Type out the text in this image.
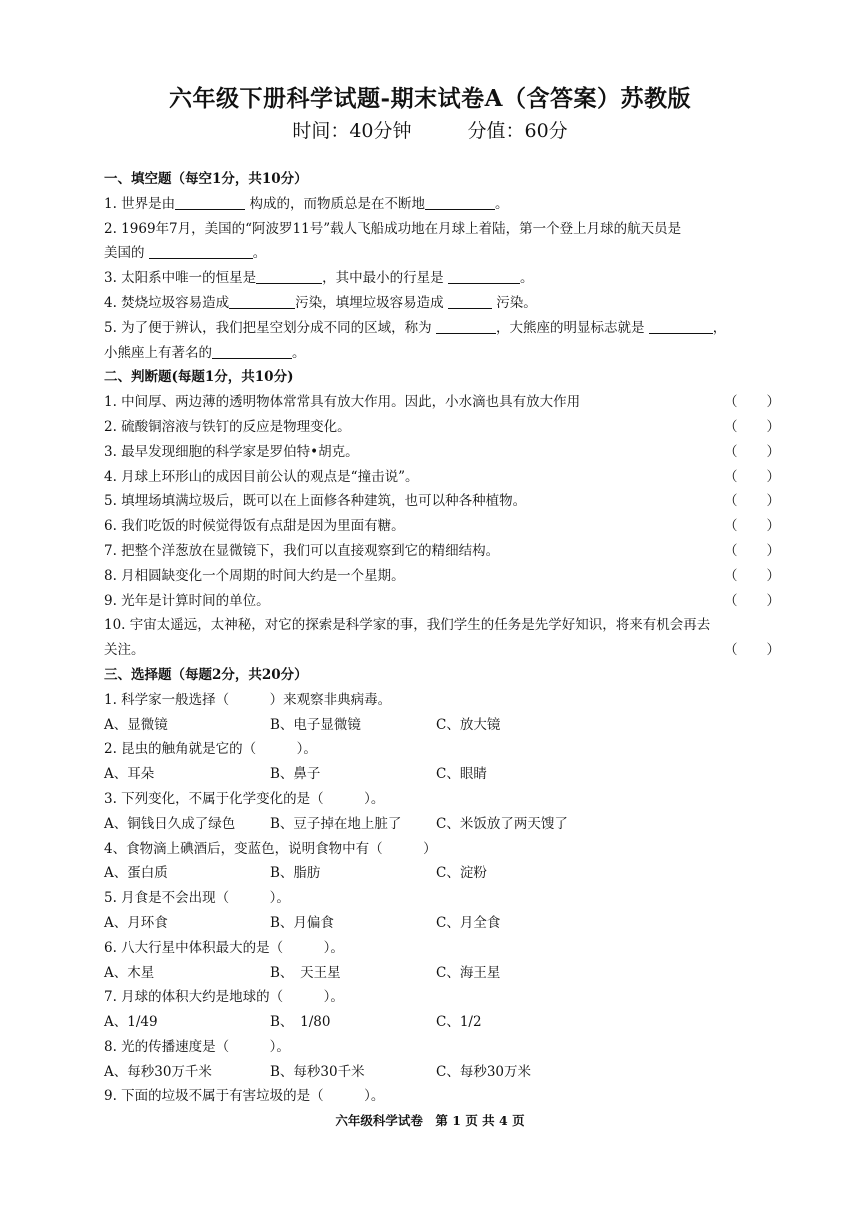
六年级下册科学试题-期末试卷A（含答案）苏教版
时间：40分钟	分值：60分
一、填空题（每空1分，共10分）
1. 世界是由	构成的，而物质总是在不断地	。
2. 1969年7月，美国的“阿波罗11号”载人飞船成功地在月球上着陆，第一个登上月球的航天员是
美国的	。
3. 太阳系中唯一的恒星是	，其中最小的行星是	。
4. 焚烧垃圾容易造成	污染，填埋垃圾容易造成	污染。
5. 为了便于辨认，我们把星空划分成不同的区域，称为	，大熊座的明显标志就是	，
小熊座上有著名的	。
二、判断题(每题1分，共10分)
1. 中间厚、两边薄的透明物体常常具有放大作用。因此，小水滴也具有放大作用	（ ）
2. 硫酸铜溶液与铁钉的反应是物理变化。	（ ）
3. 最早发现细胞的科学家是罗伯特•胡克。	（ ）
4. 月球上环形山的成因目前公认的观点是“撞击说”。	（ ）
5. 填埋场填满垃圾后，既可以在上面修各种建筑，也可以种各种植物。	（ ）
6. 我们吃饭的时候觉得饭有点甜是因为里面有糖。	（ ）
7. 把整个洋葱放在显微镜下，我们可以直接观察到它的精细结构。	（ ）
8. 月相圆缺变化一个周期的时间大约是一个星期。	（ ）
9. 光年是计算时间的单位。	（ ）
10. 宇宙太遥远，太神秘，对它的探索是科学家的事，我们学生的任务是先学好知识，将来有机会再去
关注。	（ ）
三、选择题（每题2分，共20分）
1. 科学家一般选择（　　　）来观察非典病毒。
A、显微镜	B、电子显微镜	C、放大镜
2. 昆虫的触角就是它的（　　　）。
A、耳朵	B、鼻子	C、眼睛
3. 下列变化，不属于化学变化的是（　　　）。
A、铜钱日久成了绿色	B、豆子掉在地上脏了	C、米饭放了两天馊了
4、食物滴上碘酒后，变蓝色，说明食物中有（　　　）
A、蛋白质	B、脂肪	C、淀粉
5. 月食是不会出现（　　　）。
A、月环食	B、月偏食	C、月全食
6. 八大行星中体积最大的是（　　　）。
A、木星	B、　天王星	C、海王星
7. 月球的体积大约是地球的（　　　）。
A、1/49	B、　1/80	C、1/2
8. 光的传播速度是（　　　）。
A、每秒30万千米	B、每秒30千米	C、每秒30万米
9. 下面的垃圾不属于有害垃圾的是（　　　）。
六年级科学试卷　第 1 页 共 4 页
